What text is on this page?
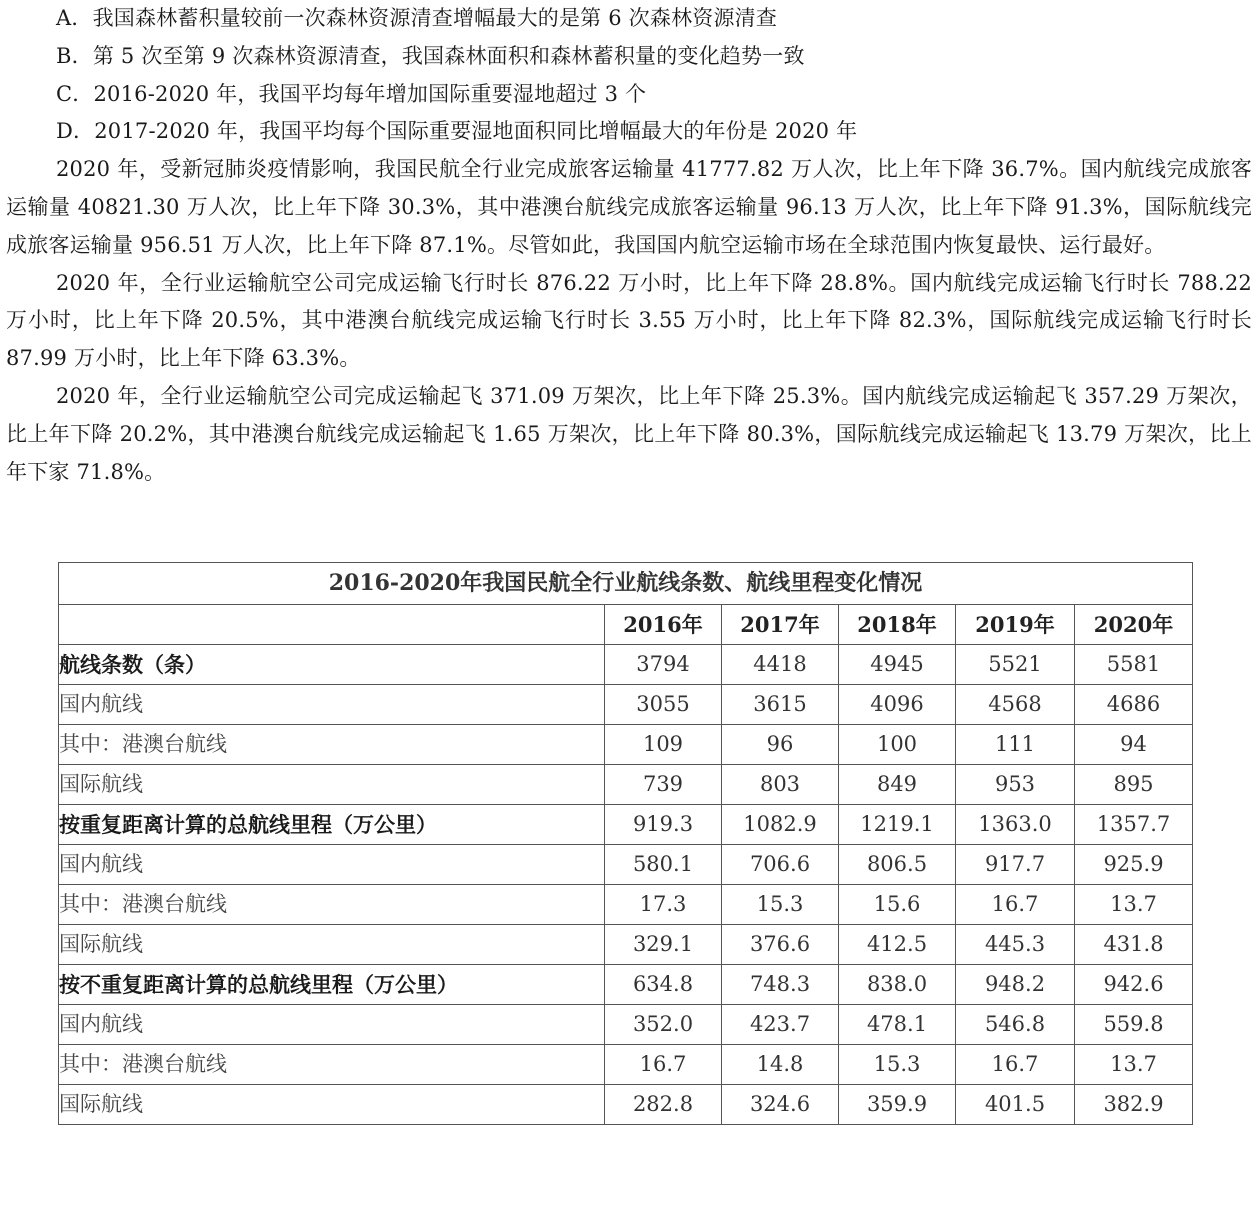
A．我国森林蓄积量较前一次森林资源清查增幅最大的是第 6 次森林资源清查
B．第 5 次至第 9 次森林资源清查，我国森林面积和森林蓄积量的变化趋势一致
C．2016-2020 年，我国平均每年增加国际重要湿地超过 3 个
D．2017-2020 年，我国平均每个国际重要湿地面积同比增幅最大的年份是 2020 年
2020 年，受新冠肺炎疫情影响，我国民航全行业完成旅客运输量 41777.82 万人次，比上年下降 36.7%。国内航线完成旅客运输量 40821.30 万人次，比上年下降 30.3%，其中港澳台航线完成旅客运输量 96.13 万人次，比上年下降 91.3%，国际航线完成旅客运输量 956.51 万人次，比上年下降 87.1%。尽管如此，我国国内航空运输市场在全球范围内恢复最快、运行最好。
2020 年，全行业运输航空公司完成运输飞行时长 876.22 万小时，比上年下降 28.8%。国内航线完成运输飞行时长 788.22 万小时，比上年下降 20.5%，其中港澳台航线完成运输飞行时长 3.55 万小时，比上年下降 82.3%，国际航线完成运输飞行时长 87.99 万小时，比上年下降 63.3%。
2020 年，全行业运输航空公司完成运输起飞 371.09 万架次，比上年下降 25.3%。国内航线完成运输起飞 357.29 万架次，比上年下降 20.2%，其中港澳台航线完成运输起飞 1.65 万架次，比上年下降 80.3%，国际航线完成运输起飞 13.79 万架次，比上年下家 71.8%。
2016-2020年我国民航全行业航线条数、航线里程变化情况
	2016年	2017年	2018年	2019年	2020年
航线条数（条）	3794	4418	4945	5521	5581
国内航线	3055	3615	4096	4568	4686
其中：港澳台航线	109	96	100	111	94
国际航线	739	803	849	953	895
按重复距离计算的总航线里程（万公里）	919.3	1082.9	1219.1	1363.0	1357.7
国内航线	580.1	706.6	806.5	917.7	925.9
其中：港澳台航线	17.3	15.3	15.6	16.7	13.7
国际航线	329.1	376.6	412.5	445.3	431.8
按不重复距离计算的总航线里程（万公里）	634.8	748.3	838.0	948.2	942.6
国内航线	352.0	423.7	478.1	546.8	559.8
其中：港澳台航线	16.7	14.8	15.3	16.7	13.7
国际航线	282.8	324.6	359.9	401.5	382.9
